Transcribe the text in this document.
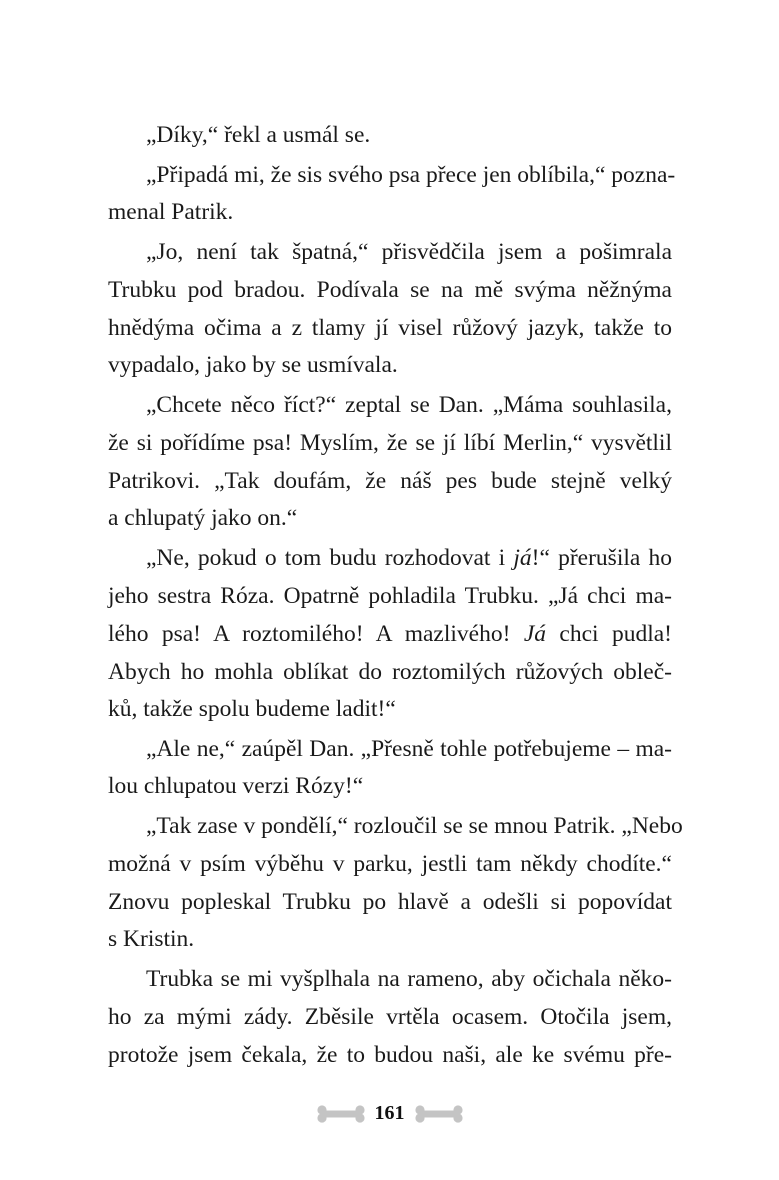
„Díky,“ řekl a usmál se.
„Připadá mi, že sis svého psa přece jen oblíbila,“ pozna-
menal Patrik.
„Jo, není tak špatná,“ přisvědčila jsem a pošimrala
Trubku pod bradou. Podívala se na mě svýma něžnýma
hnědýma očima a z tlamy jí visel růžový jazyk, takže to
vypadalo, jako by se usmívala.
„Chcete něco říct?“ zeptal se Dan. „Máma souhlasila,
že si pořídíme psa! Myslím, že se jí líbí Merlin,“ vysvětlil
Patrikovi. „Tak doufám, že náš pes bude stejně velký
a chlupatý jako on.“
„Ne, pokud o tom budu rozhodovat i já!“ přerušila ho
jeho sestra Róza. Opatrně pohladila Trubku. „Já chci ma-
lého psa! A roztomilého! A mazlivého! Já chci pudla!
Abych ho mohla oblíkat do roztomilých růžových obleč-
ků, takže spolu budeme ladit!“
„Ale ne,“ zaúpěl Dan. „Přesně tohle potřebujeme – ma-
lou chlupatou verzi Rózy!“
„Tak zase v pondělí,“ rozloučil se se mnou Patrik. „Nebo
možná v psím výběhu v parku, jestli tam někdy chodíte.“
Znovu popleskal Trubku po hlavě a odešli si popovídat
s Kristin.
Trubka se mi vyšplhala na rameno, aby očichala něko-
ho za mými zády. Zběsile vrtěla ocasem. Otočila jsem,
protože jsem čekala, že to budou naši, ale ke svému pře-
161
